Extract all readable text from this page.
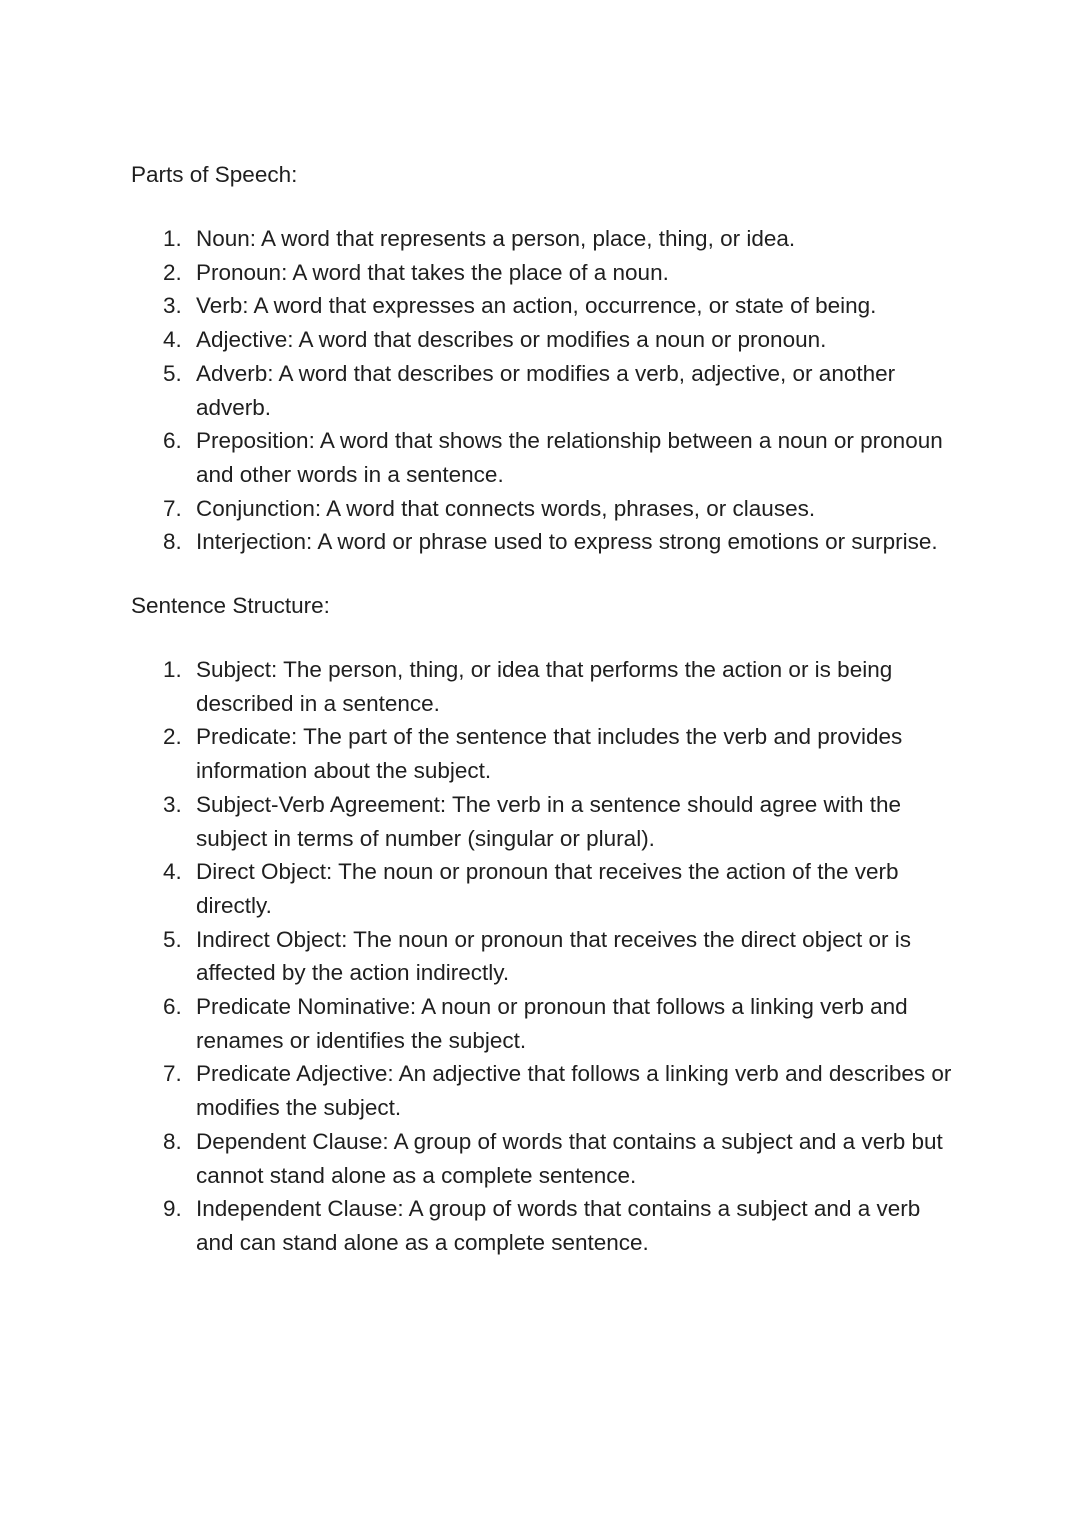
Parts of Speech:
1. Noun: A word that represents a person, place, thing, or idea.
2. Pronoun: A word that takes the place of a noun.
3. Verb: A word that expresses an action, occurrence, or state of being.
4. Adjective: A word that describes or modifies a noun or pronoun.
5. Adverb: A word that describes or modifies a verb, adjective, or another adverb.
6. Preposition: A word that shows the relationship between a noun or pronoun and other words in a sentence.
7. Conjunction: A word that connects words, phrases, or clauses.
8. Interjection: A word or phrase used to express strong emotions or surprise.
Sentence Structure:
1. Subject: The person, thing, or idea that performs the action or is being described in a sentence.
2. Predicate: The part of the sentence that includes the verb and provides information about the subject.
3. Subject-Verb Agreement: The verb in a sentence should agree with the subject in terms of number (singular or plural).
4. Direct Object: The noun or pronoun that receives the action of the verb directly.
5. Indirect Object: The noun or pronoun that receives the direct object or is affected by the action indirectly.
6. Predicate Nominative: A noun or pronoun that follows a linking verb and renames or identifies the subject.
7. Predicate Adjective: An adjective that follows a linking verb and describes or modifies the subject.
8. Dependent Clause: A group of words that contains a subject and a verb but cannot stand alone as a complete sentence.
9. Independent Clause: A group of words that contains a subject and a verb and can stand alone as a complete sentence.
